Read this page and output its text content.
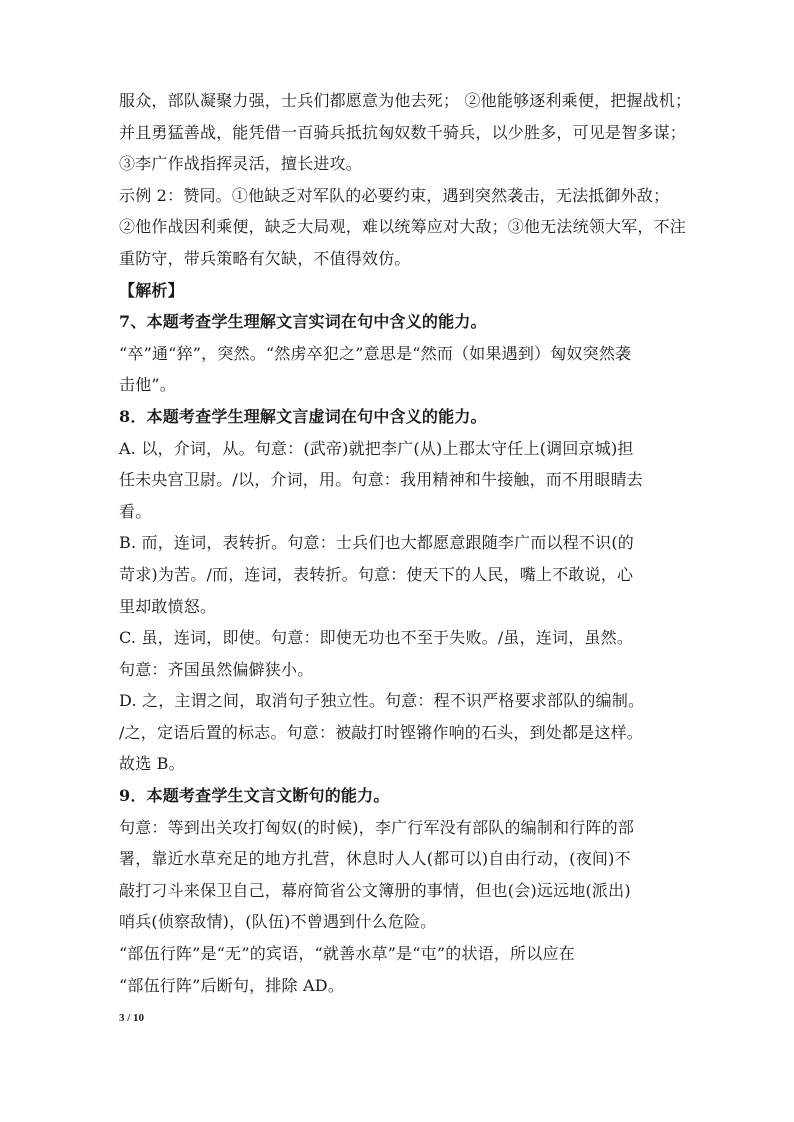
服众，部队凝聚力强，士兵们都愿意为他去死； ②他能够逐利乘便，把握战机；
并且勇猛善战，能凭借一百骑兵抵抗匈奴数千骑兵，以少胜多，可见是智多谋；
③李广作战指挥灵活，擅长进攻。
示例 2：赞同。①他缺乏对军队的必要约束，遇到突然袭击，无法抵御外敌；
②他作战因利乘便，缺乏大局观，难以统筹应对大敌；③他无法统领大军，不注
重防守，带兵策略有欠缺，不值得效仿。
【解析】
7、本题考查学生理解文言实词在句中含义的能力。
“卒”通“猝”，突然。“然虏卒犯之”意思是“然而（如果遇到）匈奴突然袭
击他”。
8．本题考查学生理解文言虚词在句中含义的能力。
A. 以，介词，从。句意：(武帝)就把李广(从)上郡太守任上(调回京城)担
任未央宫卫尉。/以，介词，用。句意：我用精神和牛接触，而不用眼睛去
看。
B. 而，连词，表转折。句意：士兵们也大都愿意跟随李广而以程不识(的
苛求)为苦。/而，连词，表转折。句意：使天下的人民，嘴上不敢说，心
里却敢愤怒。
C. 虽，连词，即使。句意：即使无功也不至于失败。/虽，连词，虽然。
句意：齐国虽然偏僻狭小。
D. 之，主谓之间，取消句子独立性。句意：程不识严格要求部队的编制。
/之，定语后置的标志。句意：被敲打时铿锵作响的石头，到处都是这样。
故选 B。
9．本题考查学生文言文断句的能力。
句意：等到出关攻打匈奴(的时候)，李广行军没有部队的编制和行阵的部
署，靠近水草充足的地方扎营，休息时人人(都可以)自由行动，(夜间)不
敲打刁斗来保卫自己，幕府简省公文簿册的事情，但也(会)远远地(派出)
哨兵(侦察敌情)，(队伍)不曾遇到什么危险。
“部伍行阵”是“无”的宾语，“就善水草”是“屯”的状语，所以应在
“部伍行阵”后断句，排除 AD。
3 / 10
